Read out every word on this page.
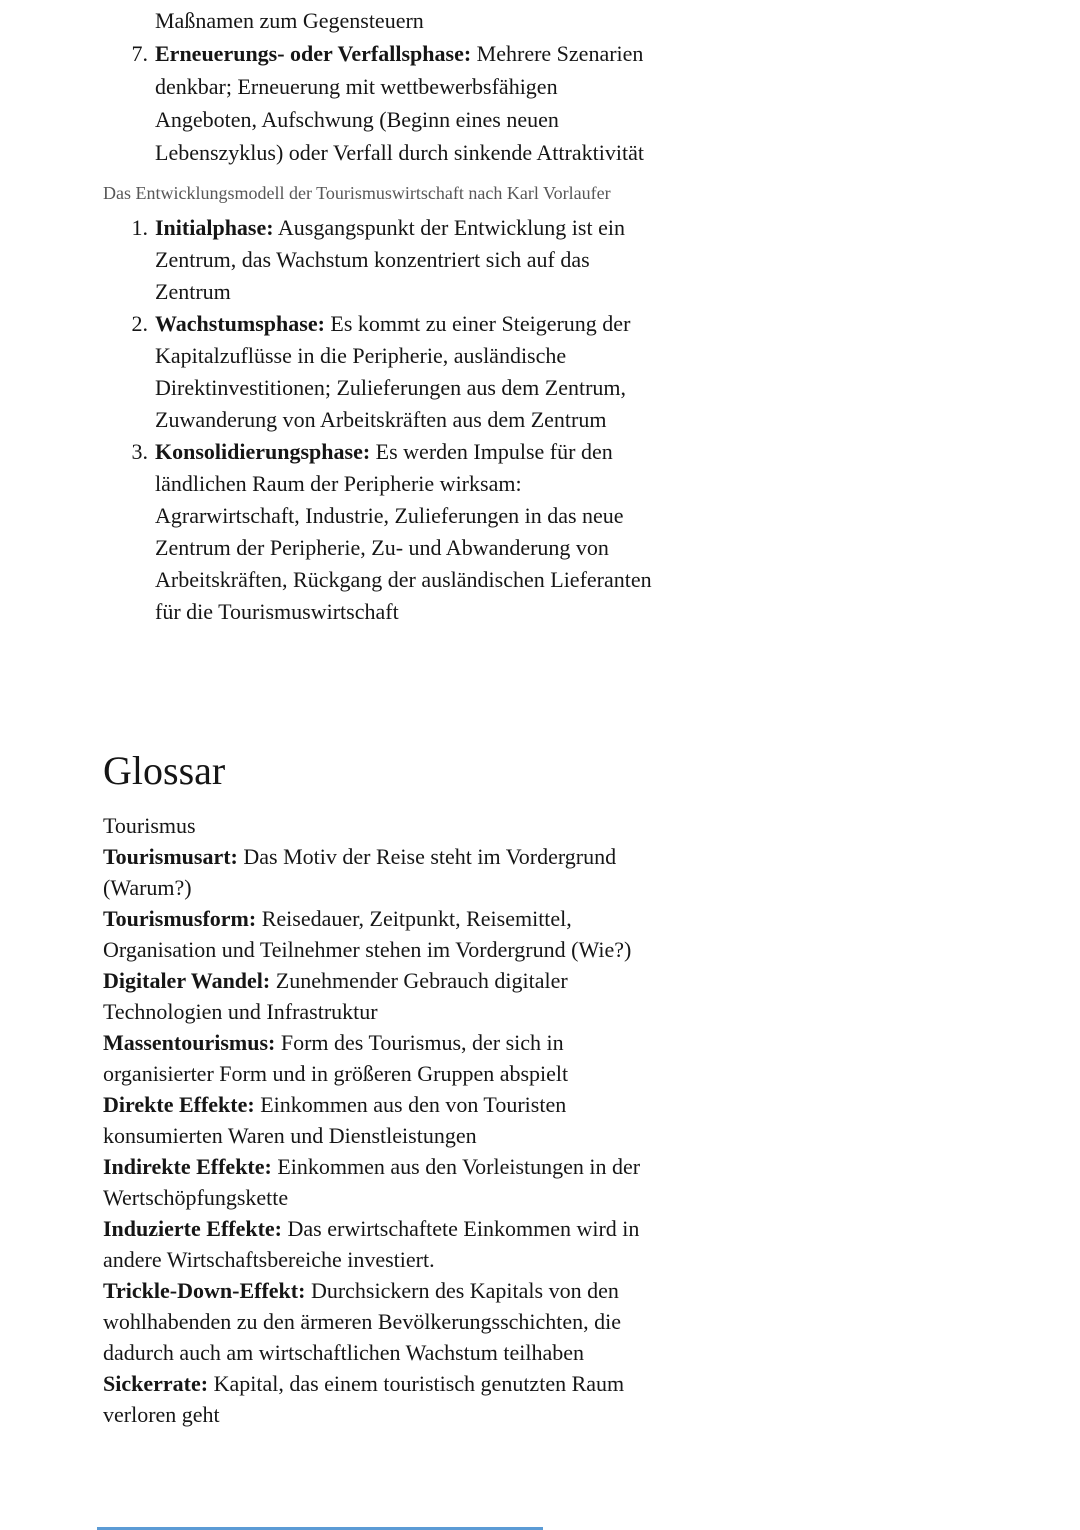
Maßnamen zum Gegensteuern
7. Erneuerungs- oder Verfallsphase: Mehrere Szenarien
denkbar; Erneuerung mit wettbewerbsfähigen
Angeboten, Aufschwung (Beginn eines neuen
Lebenszyklus) oder Verfall durch sinkende Attraktivität
Das Entwicklungsmodell der Tourismuswirtschaft nach Karl Vorlaufer
1. Initialphase: Ausgangspunkt der Entwicklung ist ein
Zentrum, das Wachstum konzentriert sich auf das
Zentrum
2. Wachstumsphase: Es kommt zu einer Steigerung der
Kapitalzuflüsse in die Peripherie, ausländische
Direktinvestitionen; Zulieferungen aus dem Zentrum,
Zuwanderung von Arbeitskräften aus dem Zentrum
3. Konsolidierungsphase: Es werden Impulse für den
ländlichen Raum der Peripherie wirksam:
Agrarwirtschaft, Industrie, Zulieferungen in das neue
Zentrum der Peripherie, Zu- und Abwanderung von
Arbeitskräften, Rückgang der ausländischen Lieferanten
für die Tourismuswirtschaft
Glossar
Tourismus
Tourismusart: Das Motiv der Reise steht im Vordergrund
(Warum?)
Tourismusform: Reisedauer, Zeitpunkt, Reisemittel,
Organisation und Teilnehmer stehen im Vordergrund (Wie?)
Digitaler Wandel: Zunehmender Gebrauch digitaler
Technologien und Infrastruktur
Massentourismus: Form des Tourismus, der sich in
organisierter Form und in größeren Gruppen abspielt
Direkte Effekte: Einkommen aus den von Touristen
konsumierten Waren und Dienstleistungen
Indirekte Effekte: Einkommen aus den Vorleistungen in der
Wertschöpfungskette
Induzierte Effekte: Das erwirtschaftete Einkommen wird in
andere Wirtschaftsbereiche investiert.
Trickle-Down-Effekt: Durchsickern des Kapitals von den
wohlhabenden zu den ärmeren Bevölkerungsschichten, die
dadurch auch am wirtschaftlichen Wachstum teilhaben
Sickerrate: Kapital, das einem touristisch genutzten Raum
verloren geht
